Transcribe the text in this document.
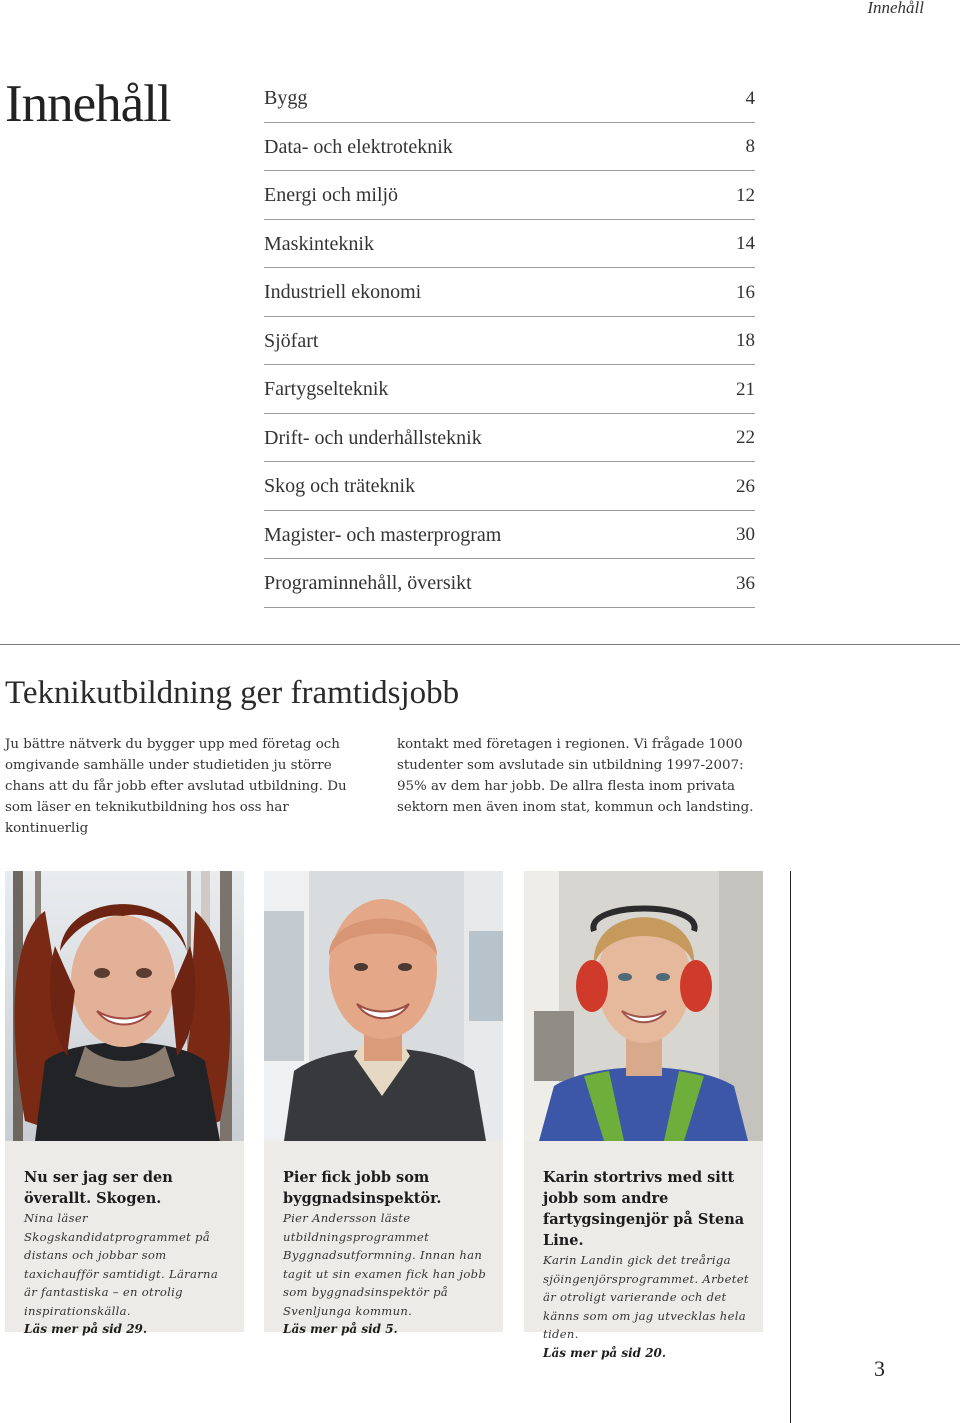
Innehåll
Innehåll	Bygg	4
Data- och elektroteknik	8
Energi och miljö	12
Maskinteknik	14
Industriell ekonomi	16
Sjöfart	18
Fartygselteknik	21
Drift- och underhållsteknik	22
Skog och träteknik	26
Magister- och masterprogram	30
Programinnehåll, översikt	36
Teknikutbildning ger framtidsjobb
Ju bättre nätverk du bygger upp med företag och omgivande samhälle under studietiden ju större chans att du får jobb efter avslutad utbildning. Du som läser en teknikutbildning hos oss har kontinuerlig
kontakt med företagen i regionen. Vi frågade 1000 studenter som avslutade sin utbildning 1997-2007: 95% av dem har jobb. De allra flesta inom privata sektorn men även inom stat, kommun och landsting.
Nu ser jag ser den överallt. Skogen.
Nina läser Skogskandidatprogrammet på distans och jobbar som taxichaufför samtidigt. Lärarna är fantastiska – en otrolig inspirationskälla.
Läs mer på sid 29.
Pier fick jobb som byggnadsinspektör.
Pier Andersson läste utbildningsprogrammet Byggnadsutformning. Innan han tagit ut sin examen fick han jobb som byggnadsinspektör på Svenljunga kommun.
Läs mer på sid 5.
Karin stortrivs med sitt jobb som andre fartygsingenjör på Stena Line.
Karin Landin gick det treåriga sjöingenjörsprogrammet. Arbetet är otroligt varierande och det känns som om jag utvecklas hela tiden.
Läs mer på sid 20.
3
